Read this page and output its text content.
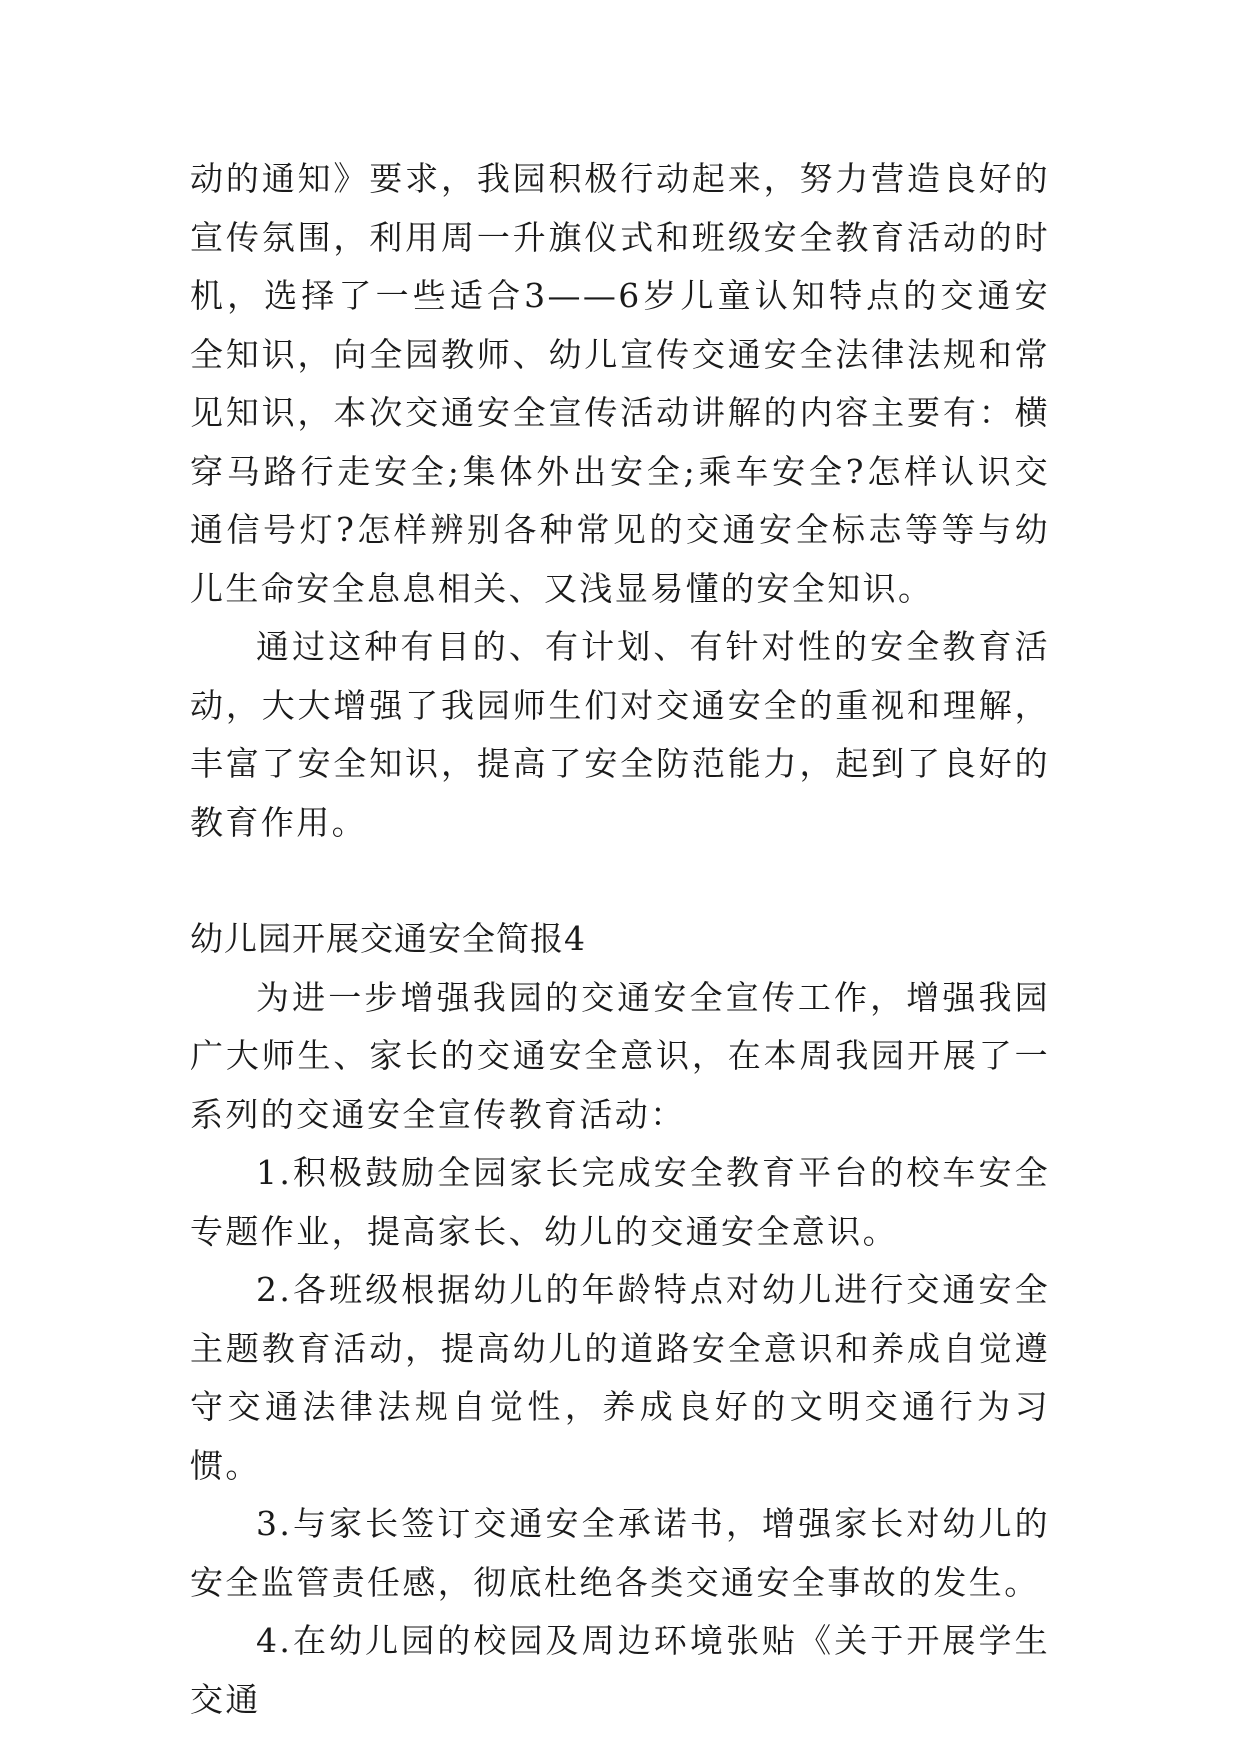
动的通知》要求，我园积极行动起来，努力营造良好的宣传氛围，利用周一升旗仪式和班级安全教育活动的时机，选择了一些适合3——6岁儿童认知特点的交通安全知识，向全园教师、幼儿宣传交通安全法律法规和常见知识，本次交通安全宣传活动讲解的内容主要有：横穿马路行走安全;集体外出安全;乘车安全?怎样认识交通信号灯?怎样辨别各种常见的交通安全标志等等与幼儿生命安全息息相关、又浅显易懂的安全知识。

通过这种有目的、有计划、有针对性的安全教育活动，大大增强了我园师生们对交通安全的重视和理解，丰富了安全知识，提高了安全防范能力，起到了良好的教育作用。

幼儿园开展交通安全简报4

为进一步增强我园的交通安全宣传工作，增强我园广大师生、家长的交通安全意识，在本周我园开展了一系列的交通安全宣传教育活动：

1.积极鼓励全园家长完成安全教育平台的校车安全专题作业，提高家长、幼儿的交通安全意识。

2.各班级根据幼儿的年龄特点对幼儿进行交通安全主题教育活动，提高幼儿的道路安全意识和养成自觉遵守交通法律法规自觉性，养成良好的文明交通行为习惯。

3.与家长签订交通安全承诺书，增强家长对幼儿的安全监管责任感，彻底杜绝各类交通安全事故的发生。

4.在幼儿园的校园及周边环境张贴《关于开展学生交通
